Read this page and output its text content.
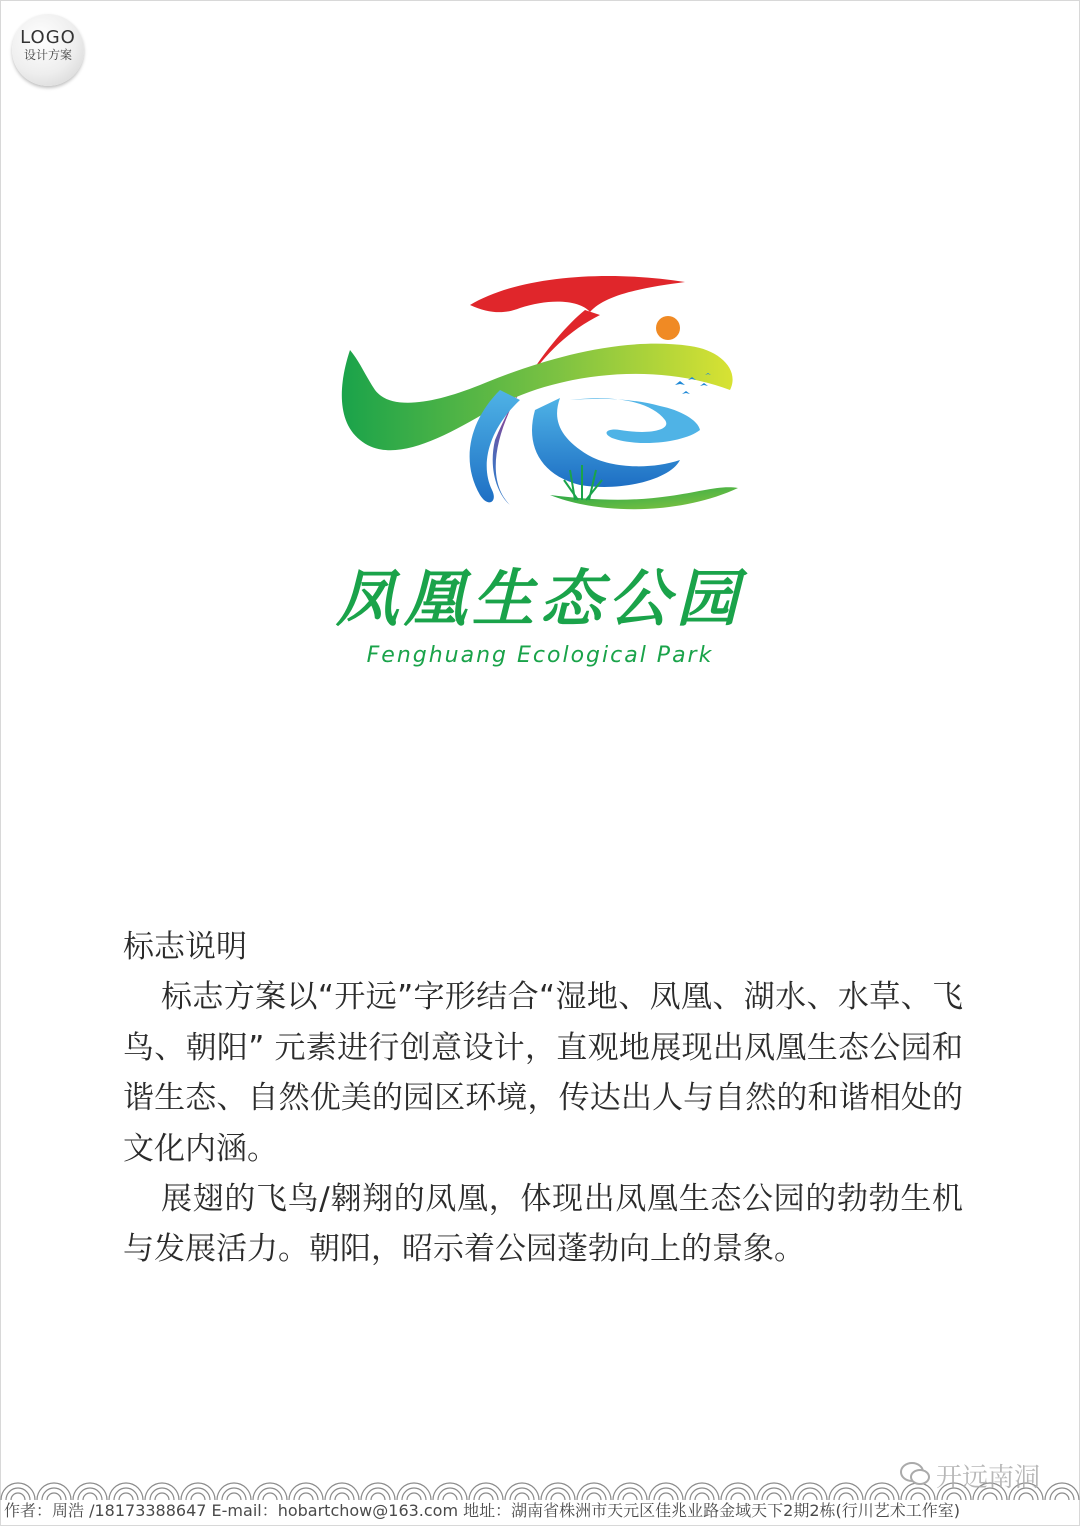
LOGO
设计方案
凤凰生态公园
Fenghuang Ecological Park
标志说明

标志方案以“开远”字形结合“湿地、凤凰、湖水、水草、飞鸟、朝阳” 元素进行创意设计，直观地展现出凤凰生态公园和谐生态、自然优美的园区环境，传达出人与自然的和谐相处的文化内涵。

展翅的飞鸟/翱翔的凤凰，体现出凤凰生态公园的勃勃生机与发展活力。朝阳，昭示着公园蓬勃向上的景象。

开远南洞
作者：周浩 /18173388647 E-mail：hobartchow@163.com 地址：湖南省株洲市天元区佳兆业路金域天下2期2栋(行川艺术工作室)
